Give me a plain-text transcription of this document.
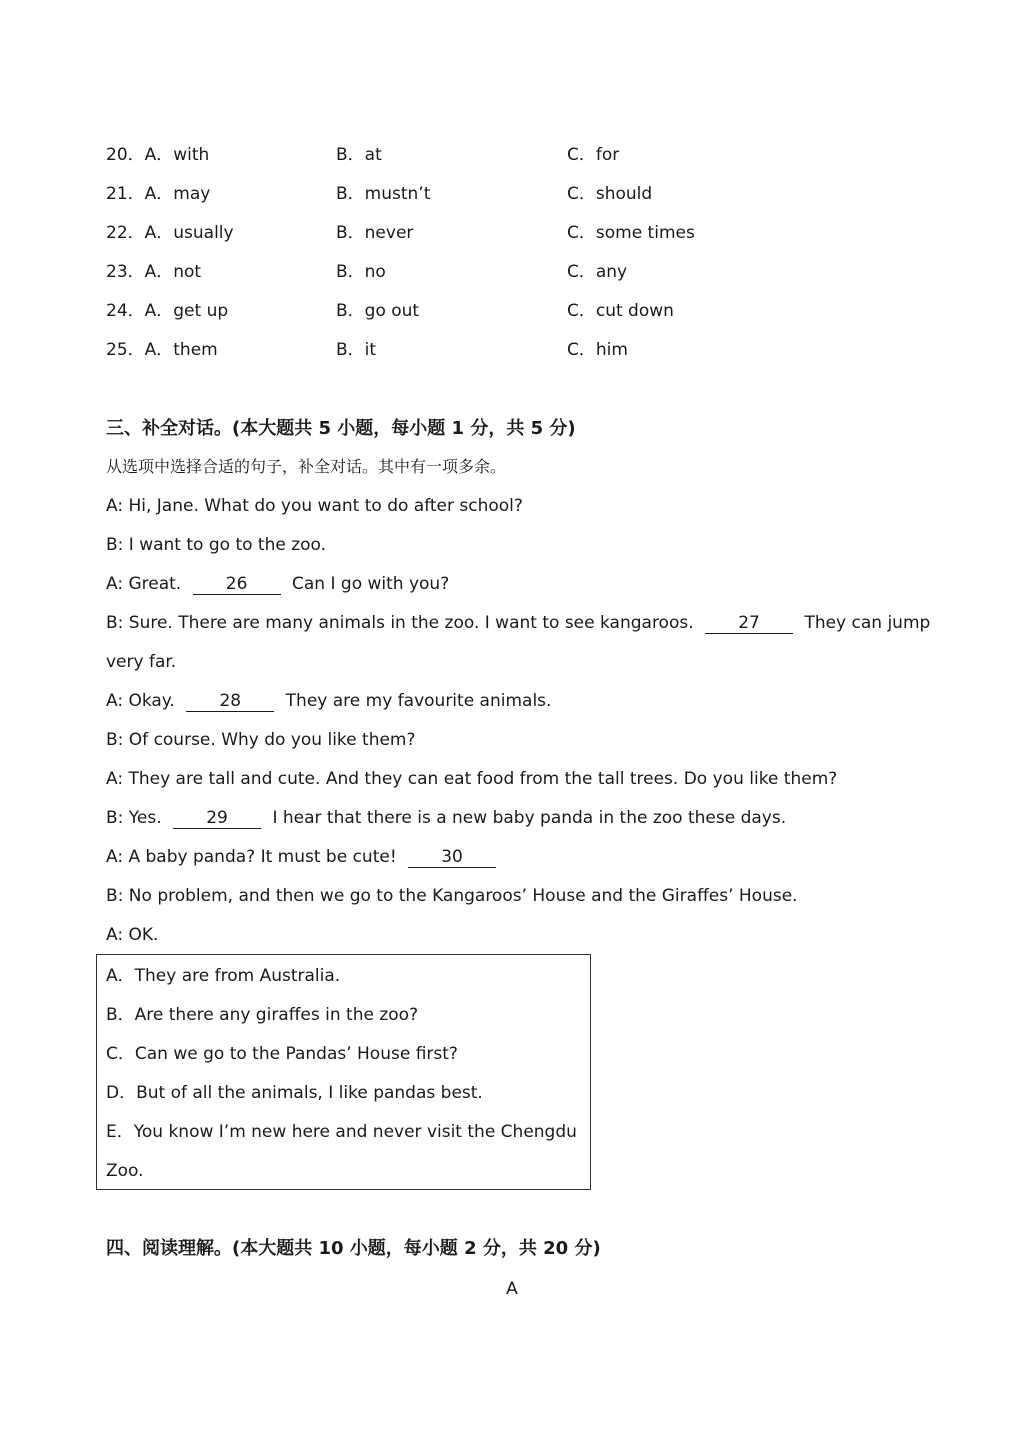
20．A．with	B．at	C．for
21．A．may	B．mustn’t	C．should
22．A．usually	B．never	C．some times
23．A．not	B．no	C．any
24．A．get up	B．go out	C．cut down
25．A．them	B．it	C．him
三、补全对话。(本大题共 5 小题，每小题 1 分，共 5 分)
从选项中选择合适的句子，补全对话。其中有一项多余。
A: Hi, Jane. What do you want to do after school?
B: I want to go to the zoo.
A: Great.	26	Can I go with you?
B: Sure. There are many animals in the zoo. I want to see kangaroos.	27	They can jump
very far.
A: Okay.	28	They are my favourite animals.
B: Of course. Why do you like them?
A: They are tall and cute. And they can eat food from the tall trees. Do you like them?
B: Yes.	29	I hear that there is a new baby panda in the zoo these days.
A: A baby panda? It must be cute!	30
B: No problem, and then we go to the Kangaroos’ House and the Giraffes’ House.
A: OK.
A．They are from Australia.
B．Are there any giraffes in the zoo?
C．Can we go to the Pandas’ House first?
D．But of all the animals, I like pandas best.
E．You know I’m new here and never visit the Chengdu
Zoo.
四、阅读理解。(本大题共 10 小题，每小题 2 分，共 20 分)
A
